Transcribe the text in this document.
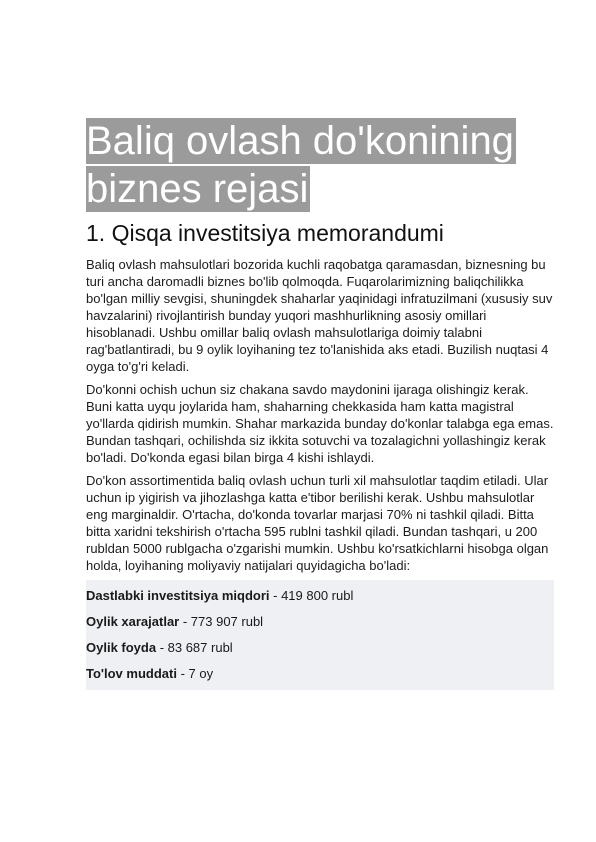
Baliq ovlash do'konining
biznes rejasi
1. Qisqa investitsiya memorandumi

Baliq ovlash mahsulotlari bozorida kuchli raqobatga qaramasdan, biznesning bu turi ancha daromadli biznes bo'lib qolmoqda. Fuqarolarimizning baliqchilikka bo'lgan milliy sevgisi, shuningdek shaharlar yaqinidagi infratuzilmani (xususiy suv havzalarini) rivojlantirish bunday yuqori mashhurlikning asosiy omillari hisoblanadi. Ushbu omillar baliq ovlash mahsulotlariga doimiy talabni rag'batlantiradi, bu 9 oylik loyihaning tez to'lanishida aks etadi. Buzilish nuqtasi 4 oyga to'g'ri keladi.

Do'konni ochish uchun siz chakana savdo maydonini ijaraga olishingiz kerak. Buni katta uyqu joylarida ham, shaharning chekkasida ham katta magistral yo'llarda qidirish mumkin. Shahar markazida bunday do'konlar talabga ega emas. Bundan tashqari, ochilishda siz ikkita sotuvchi va tozalagichni yollashingiz kerak bo'ladi. Do'konda egasi bilan birga 4 kishi ishlaydi.

Do'kon assortimentida baliq ovlash uchun turli xil mahsulotlar taqdim etiladi. Ular uchun ip yigirish va jihozlashga katta e'tibor berilishi kerak. Ushbu mahsulotlar eng marginaldir. O'rtacha, do'konda tovarlar marjasi 70% ni tashkil qiladi. Bitta bitta xaridni tekshirish o'rtacha 595 rublni tashkil qiladi. Bundan tashqari, u 200 rubldan 5000 rublgacha o'zgarishi mumkin. Ushbu ko'rsatkichlarni hisobga olgan holda, loyihaning moliyaviy natijalari quyidagicha bo'ladi:

Dastlabki investitsiya miqdori - 419 800 rubl
Oylik xarajatlar - 773 907 rubl
Oylik foyda - 83 687 rubl
To'lov muddati - 7 oy
